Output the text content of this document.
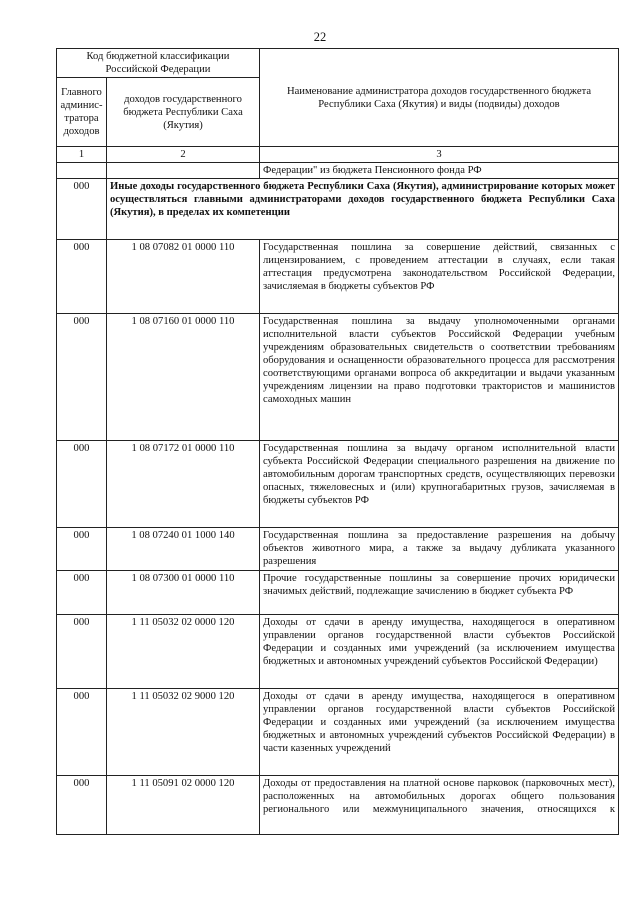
22
Код бюджетной классификации Российской Федерации		Наименование администратора доходов государственного бюджета Республики Саха (Якутия) и виды (подвиды) доходов
Главного админис-тратора доходов	доходов государственного бюджета Республики Саха (Якутия)	
1	2	3
		Федерации" из бюджета Пенсионного фонда РФ
000	Иные доходы государственного бюджета Республики Саха (Якутия), администрирование которых может осуществляться главными администраторами доходов государственного бюджета Республики Саха (Якутия), в пределах их компетенции	
000	1 08 07082 01 0000 110	Государственная пошлина за совершение действий, связанных с лицензированием, с проведением аттестации в случаях, если такая аттестация предусмотрена законодательством Российской Федерации, зачисляемая в бюджеты субъектов РФ
000	1 08 07160 01 0000 110	Государственная пошлина за выдачу уполномоченными органами исполнительной власти субъектов Российской Федерации учебным учреждениям образовательных свидетельств о соответствии требованиям оборудования и оснащенности образовательного процесса для рассмотрения соответствующими органами вопроса об аккредитации и выдачи указанным учреждениям лицензии на право подготовки трактористов и машинистов самоходных машин
000	1 08 07172 01 0000 110	Государственная пошлина за выдачу органом исполнительной власти субъекта Российской Федерации специального разрешения на движение по автомобильным дорогам транспортных средств, осуществляющих перевозки опасных, тяжеловесных и (или) крупногабаритных грузов, зачисляемая в бюджеты субъектов РФ
000	1 08 07240 01 1000 140	Государственная пошлина за предоставление разрешения на добычу объектов животного мира, а также за выдачу дубликата указанного разрешения
000	1 08 07300 01 0000 110	Прочие государственные пошлины за совершение прочих юридически значимых действий, подлежащие зачислению в бюджет субъекта РФ
000	1 11 05032 02 0000 120	Доходы от сдачи в аренду имущества, находящегося в оперативном управлении органов государственной власти субъектов Российской Федерации и созданных ими учреждений (за исключением имущества бюджетных и автономных учреждений субъектов Российской Федерации)
000	1 11 05032 02 9000 120	Доходы от сдачи в аренду имущества, находящегося в оперативном управлении органов государственной власти субъектов Российской Федерации и созданных ими учреждений (за исключением имущества бюджетных и автономных учреждений субъектов Российской Федерации) в части казенных учреждений
000	1 11 05091 02 0000 120	Доходы от предоставления на платной основе парковок (парковочных мест), расположенных на автомобильных дорогах общего пользования регионального или межмуниципального значения, относящихся к
